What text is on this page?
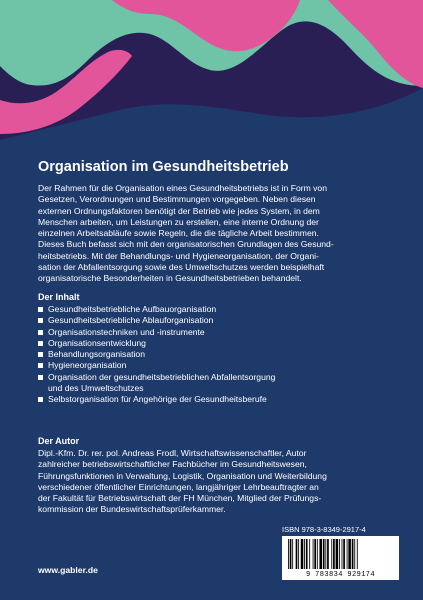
Organisation im Gesundheitsbetrieb
Der Rahmen für die Organisation eines Gesundheitsbetriebs ist in Form von
Gesetzen, Verordnungen und Bestimmungen vorgegeben. Neben diesen
externen Ordnungsfaktoren benötigt der Betrieb wie jedes System, in dem
Menschen arbeiten, um Leistungen zu erstellen, eine interne Ordnung der
einzelnen Arbeitsabläufe sowie Regeln, die die tägliche Arbeit bestimmen.
Dieses Buch befasst sich mit den organisatorischen Grundlagen des Gesund-
heitsbetriebs. Mit der Behandlungs- und Hygieneorganisation, der Organi-
sation der Abfallentsorgung sowie des Umweltschutzes werden beispielhaft
organisatorische Besonderheiten in Gesundheitsbetrieben behandelt.
Der Inhalt
Gesundheitsbetriebliche Aufbauorganisation
Gesundheitsbetriebliche Ablauforganisation
Organisationstechniken und -instrumente
Organisationsentwicklung
Behandlungsorganisation
Hygieneorganisation
Organisation der gesundheitsbetrieblichen Abfallentsorgung
und des Umweltschutzes
Selbstorganisation für Angehörige der Gesundheitsberufe
Der Autor
Dipl.-Kfm. Dr. rer. pol. Andreas Frodl, Wirtschaftswissenschaftler, Autor
zahlreicher betriebswirtschaftlicher Fachbücher im Gesundheitswesen,
Führungsfunktionen in Verwaltung, Logistik, Organisation und Weiterbildung
verschiedener öffentlicher Einrichtungen, langjähriger Lehrbeauftragter an
der Fakultät für Betriebswirtschaft der FH München, Mitglied der Prüfungs-
kommission der Bundeswirtschaftsprüferkammer.
ISBN 978-3-8349-2917-4
9 783834 929174
www.gabler.de
